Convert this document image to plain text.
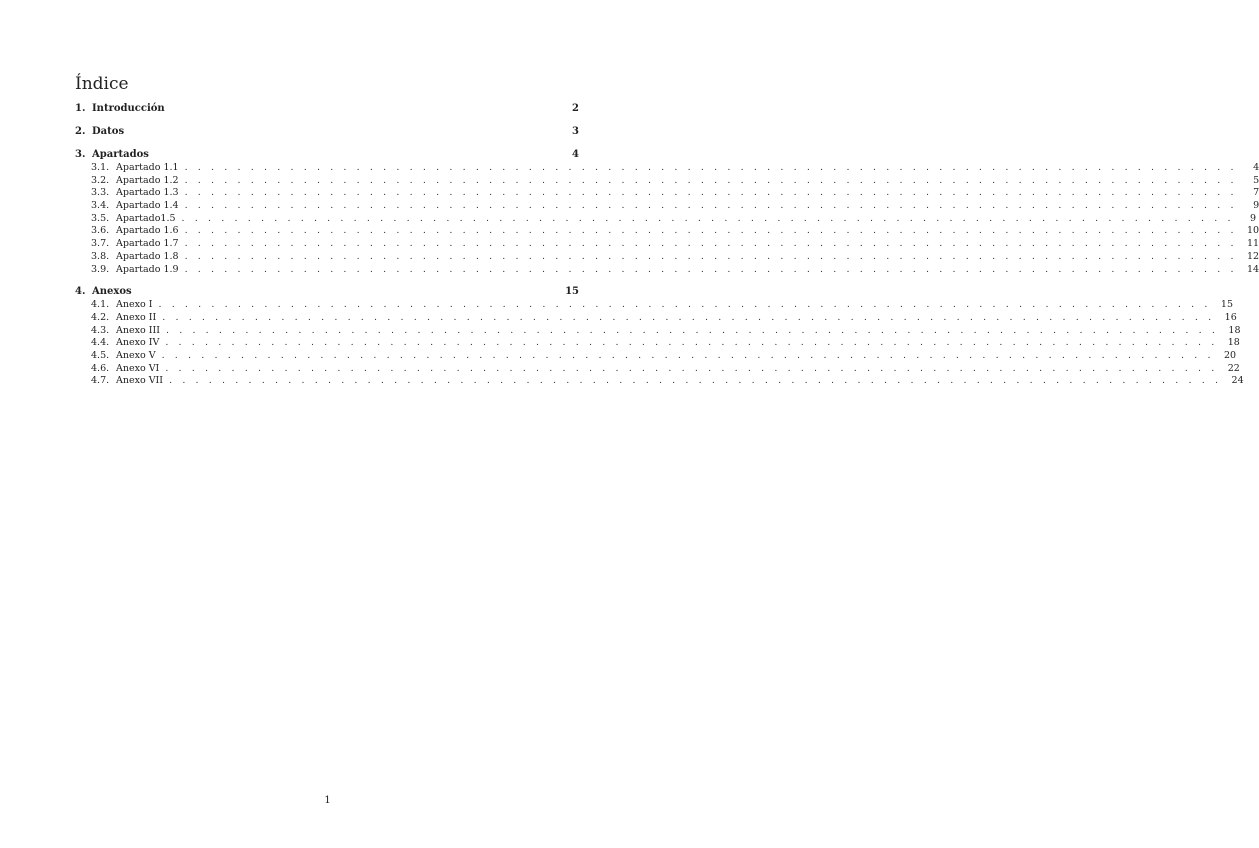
Índice
1. Introducción	2
2. Datos	3
3. Apartados	4
3.1. Apartado 1.1 . . . . . . . . . . . . . . . . . . . . . . . . . . . . . . . . . . . . . . . . . . . . . . . . . . . . . . . . . . . . . . . . . . . . . . . . . . . . . . . .	4
3.2. Apartado 1.2 . . . . . . . . . . . . . . . . . . . . . . . . . . . . . . . . . . . . . . . . . . . . . . . . . . . . . . . . . . . . . . . . . . . . . . . . . . . . . . . .	5
3.3. Apartado 1.3 . . . . . . . . . . . . . . . . . . . . . . . . . . . . . . . . . . . . . . . . . . . . . . . . . . . . . . . . . . . . . . . . . . . . . . . . . . . . . . . .	7
3.4. Apartado 1.4 . . . . . . . . . . . . . . . . . . . . . . . . . . . . . . . . . . . . . . . . . . . . . . . . . . . . . . . . . . . . . . . . . . . . . . . . . . . . . . . .	9
3.5. Apartado1.5 . . . . . . . . . . . . . . . . . . . . . . . . . . . . . . . . . . . . . . . . . . . . . . . . . . . . . . . . . . . . . . . . . . . . . . . . . . . . . . . .	9
3.6. Apartado 1.6 . . . . . . . . . . . . . . . . . . . . . . . . . . . . . . . . . . . . . . . . . . . . . . . . . . . . . . . . . . . . . . . . . . . . . . . . . . . . . . . .	10
3.7. Apartado 1.7 . . . . . . . . . . . . . . . . . . . . . . . . . . . . . . . . . . . . . . . . . . . . . . . . . . . . . . . . . . . . . . . . . . . . . . . . . . . . . . . .	11
3.8. Apartado 1.8 . . . . . . . . . . . . . . . . . . . . . . . . . . . . . . . . . . . . . . . . . . . . . . . . . . . . . . . . . . . . . . . . . . . . . . . . . . . . . . . .	12
3.9. Apartado 1.9 . . . . . . . . . . . . . . . . . . . . . . . . . . . . . . . . . . . . . . . . . . . . . . . . . . . . . . . . . . . . . . . . . . . . . . . . . . . . . . . .	14
4. Anexos	15
4.1. Anexo I . . . . . . . . . . . . . . . . . . . . . . . . . . . . . . . . . . . . . . . . . . . . . . . . . . . . . . . . . . . . . . . . . . . . . . . . . . . . . . . .	15
4.2. Anexo II . . . . . . . . . . . . . . . . . . . . . . . . . . . . . . . . . . . . . . . . . . . . . . . . . . . . . . . . . . . . . . . . . . . . . . . . . . . . . . . .	16
4.3. Anexo III . . . . . . . . . . . . . . . . . . . . . . . . . . . . . . . . . . . . . . . . . . . . . . . . . . . . . . . . . . . . . . . . . . . . . . . . . . . . . . . .	18
4.4. Anexo IV . . . . . . . . . . . . . . . . . . . . . . . . . . . . . . . . . . . . . . . . . . . . . . . . . . . . . . . . . . . . . . . . . . . . . . . . . . . . . . . .	18
4.5. Anexo V . . . . . . . . . . . . . . . . . . . . . . . . . . . . . . . . . . . . . . . . . . . . . . . . . . . . . . . . . . . . . . . . . . . . . . . . . . . . . . . .	20
4.6. Anexo VI . . . . . . . . . . . . . . . . . . . . . . . . . . . . . . . . . . . . . . . . . . . . . . . . . . . . . . . . . . . . . . . . . . . . . . . . . . . . . . . .	22
4.7. Anexo VII . . . . . . . . . . . . . . . . . . . . . . . . . . . . . . . . . . . . . . . . . . . . . . . . . . . . . . . . . . . . . . . . . . . . . . . . . . . . . . . .	24
1
